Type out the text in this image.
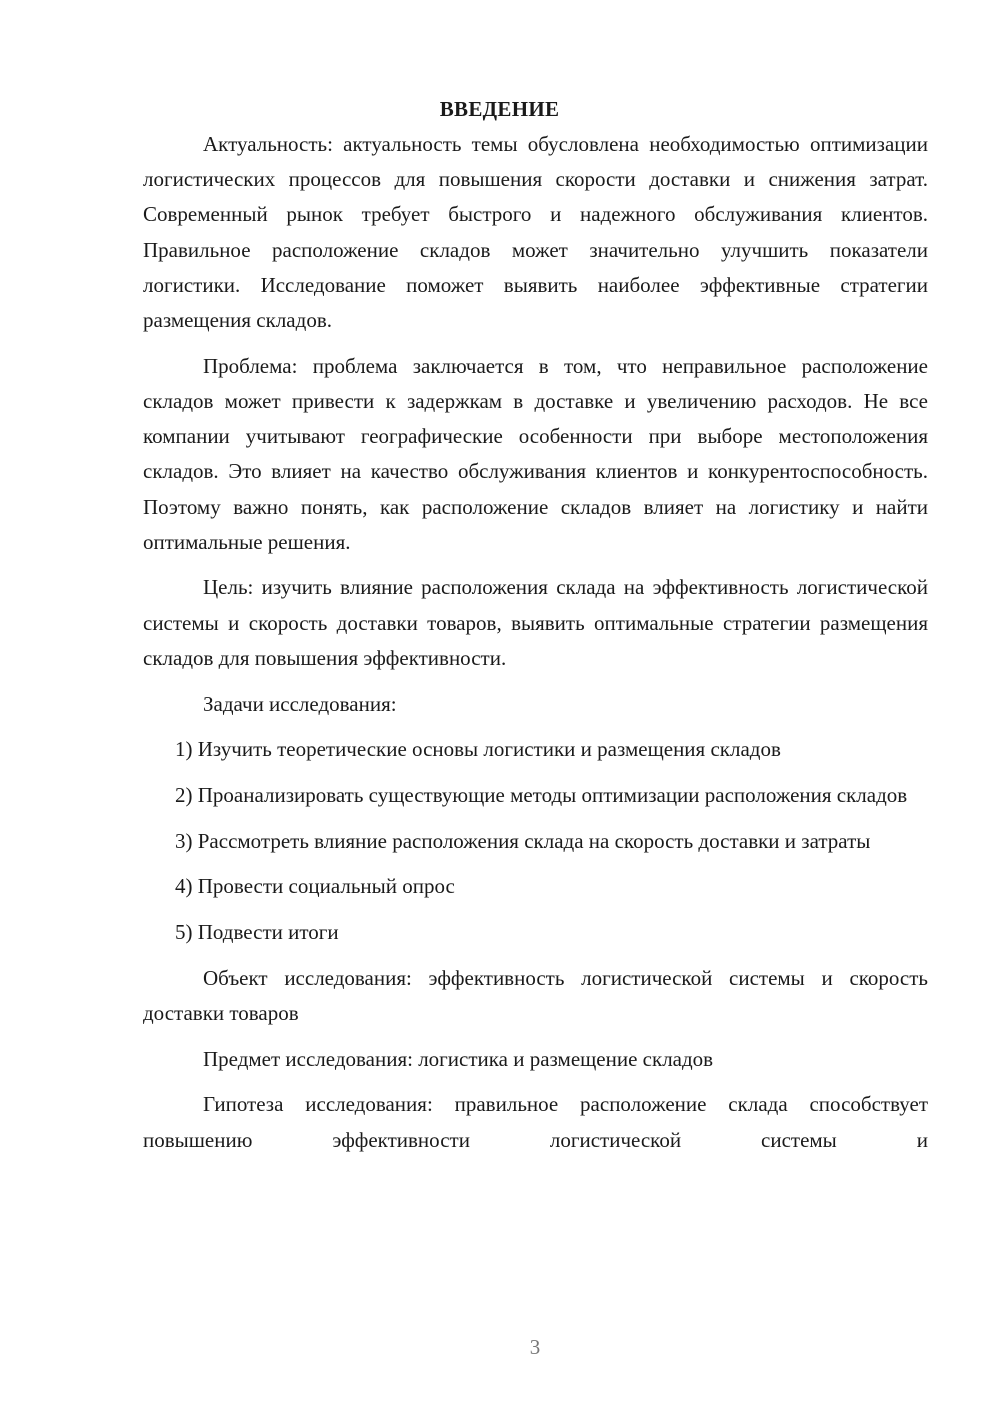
ВВЕДЕНИЕ

Актуальность: актуальность темы обусловлена необходимостью оптимизации логистических процессов для повышения скорости доставки и снижения затрат. Современный рынок требует быстрого и надежного обслуживания клиентов. Правильное расположение складов может значительно улучшить показатели логистики. Исследование поможет выявить наиболее эффективные стратегии размещения складов.

Проблема: проблема заключается в том, что неправильное расположение складов может привести к задержкам в доставке и увеличению расходов. Не все компании учитывают географические особенности при выборе местоположения складов. Это влияет на качество обслуживания клиентов и конкурентоспособность. Поэтому важно понять, как расположение складов влияет на логистику и найти оптимальные решения.

Цель: изучить влияние расположения склада на эффективность логистической системы и скорость доставки товаров, выявить оптимальные стратегии размещения складов для повышения эффективности.

Задачи исследования:

1) Изучить теоретические основы логистики и размещения складов

2) Проанализировать существующие методы оптимизации расположения складов

3) Рассмотреть влияние расположения склада на скорость доставки и затраты

4) Провести социальный опрос

5) Подвести итоги

Объект исследования: эффективность логистической системы и скорость доставки товаров

Предмет исследования: логистика и размещение складов

Гипотеза исследования: правильное расположение склада способствует повышению эффективности логистической системы и

3
